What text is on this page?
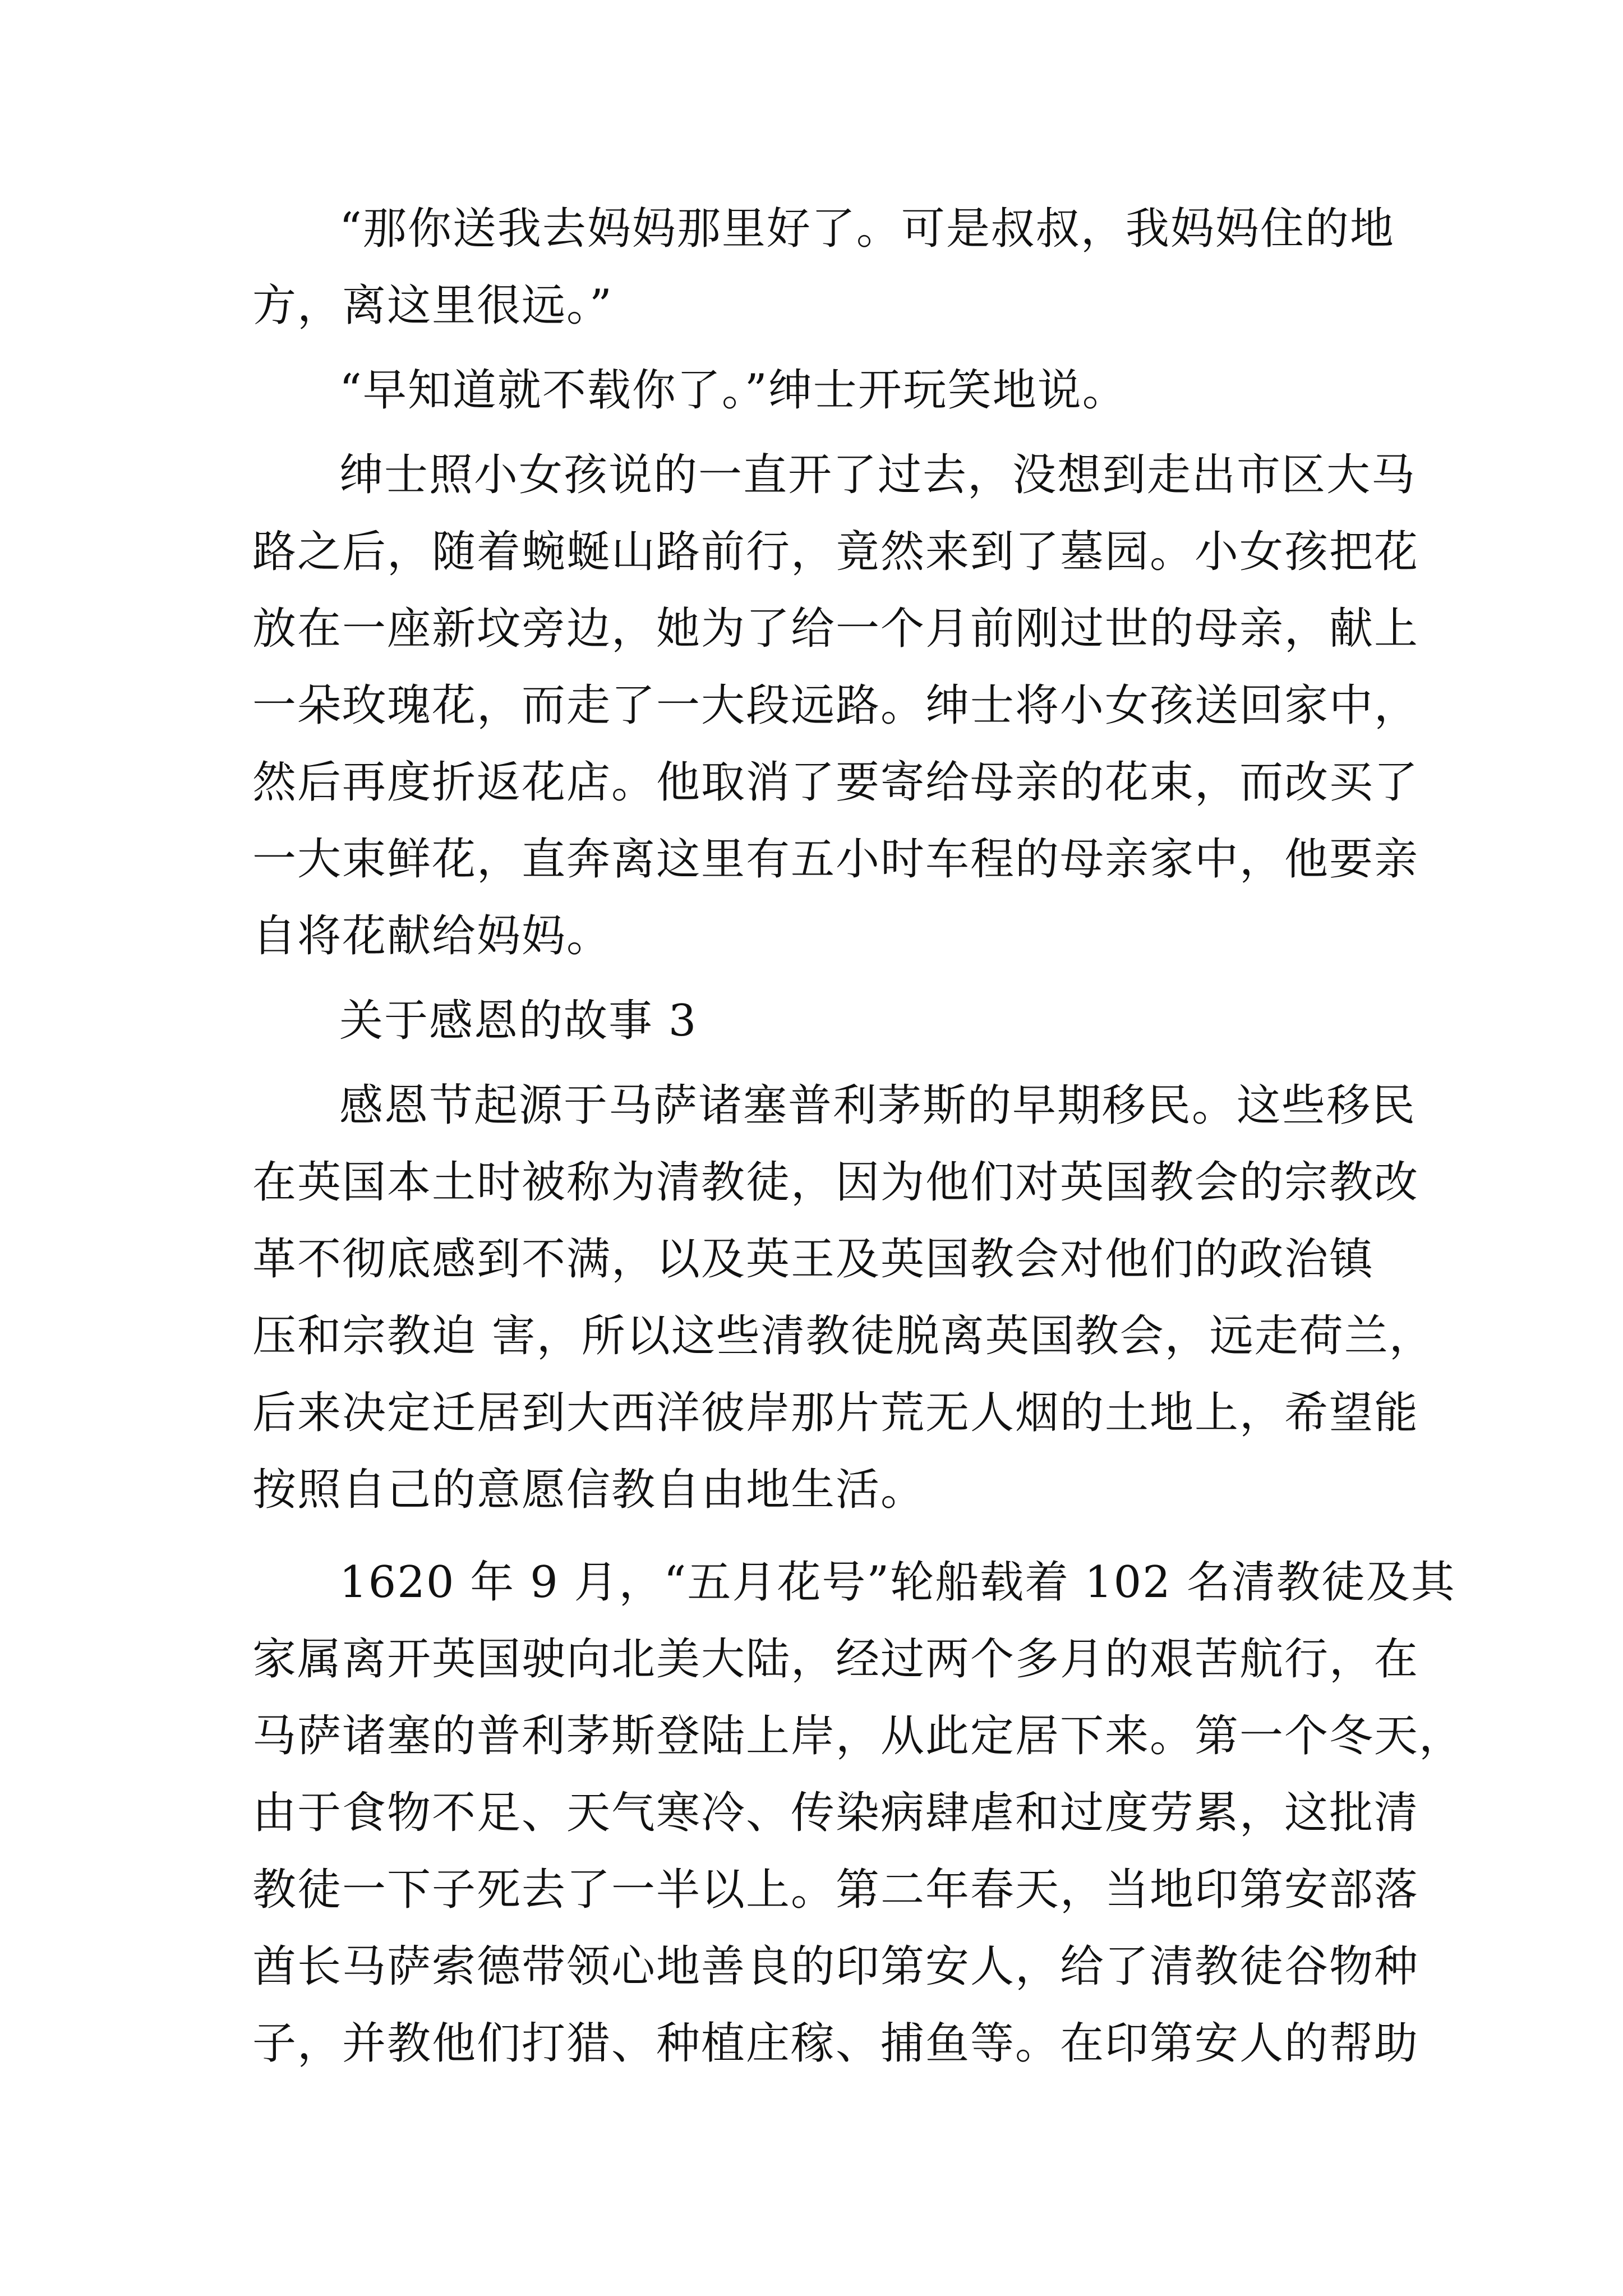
“那你送我去妈妈那里好了。可是叔叔，我妈妈住的地
方，离这里很远。”
“早知道就不载你了。”绅士开玩笑地说。
绅士照小女孩说的一直开了过去，没想到走出市区大马
路之后，随着蜿蜒山路前行，竟然来到了墓园。小女孩把花
放在一座新坟旁边，她为了给一个月前刚过世的母亲，献上
一朵玫瑰花，而走了一大段远路。绅士将小女孩送回家中，
然后再度折返花店。他取消了要寄给母亲的花束，而改买了
一大束鲜花，直奔离这里有五小时车程的母亲家中，他要亲
自将花献给妈妈。
关于感恩的故事 3
感恩节起源于马萨诸塞普利茅斯的早期移民。这些移民
在英国本土时被称为清教徒，因为他们对英国教会的宗教改
革不彻底感到不满，以及英王及英国教会对他们的政治镇
压和宗教迫 害，所以这些清教徒脱离英国教会，远走荷兰，
后来决定迁居到大西洋彼岸那片荒无人烟的土地上，希望能
按照自己的意愿信教自由地生活。
1620 年 9 月，“五月花号”轮船载着 102 名清教徒及其
家属离开英国驶向北美大陆，经过两个多月的艰苦航行，在
马萨诸塞的普利茅斯登陆上岸，从此定居下来。第一个冬天，
由于食物不足、天气寒冷、传染病肆虐和过度劳累，这批清
教徒一下子死去了一半以上。第二年春天，当地印第安部落
酋长马萨索德带领心地善良的印第安人，给了清教徒谷物种
子，并教他们打猎、种植庄稼、捕鱼等。在印第安人的帮助
